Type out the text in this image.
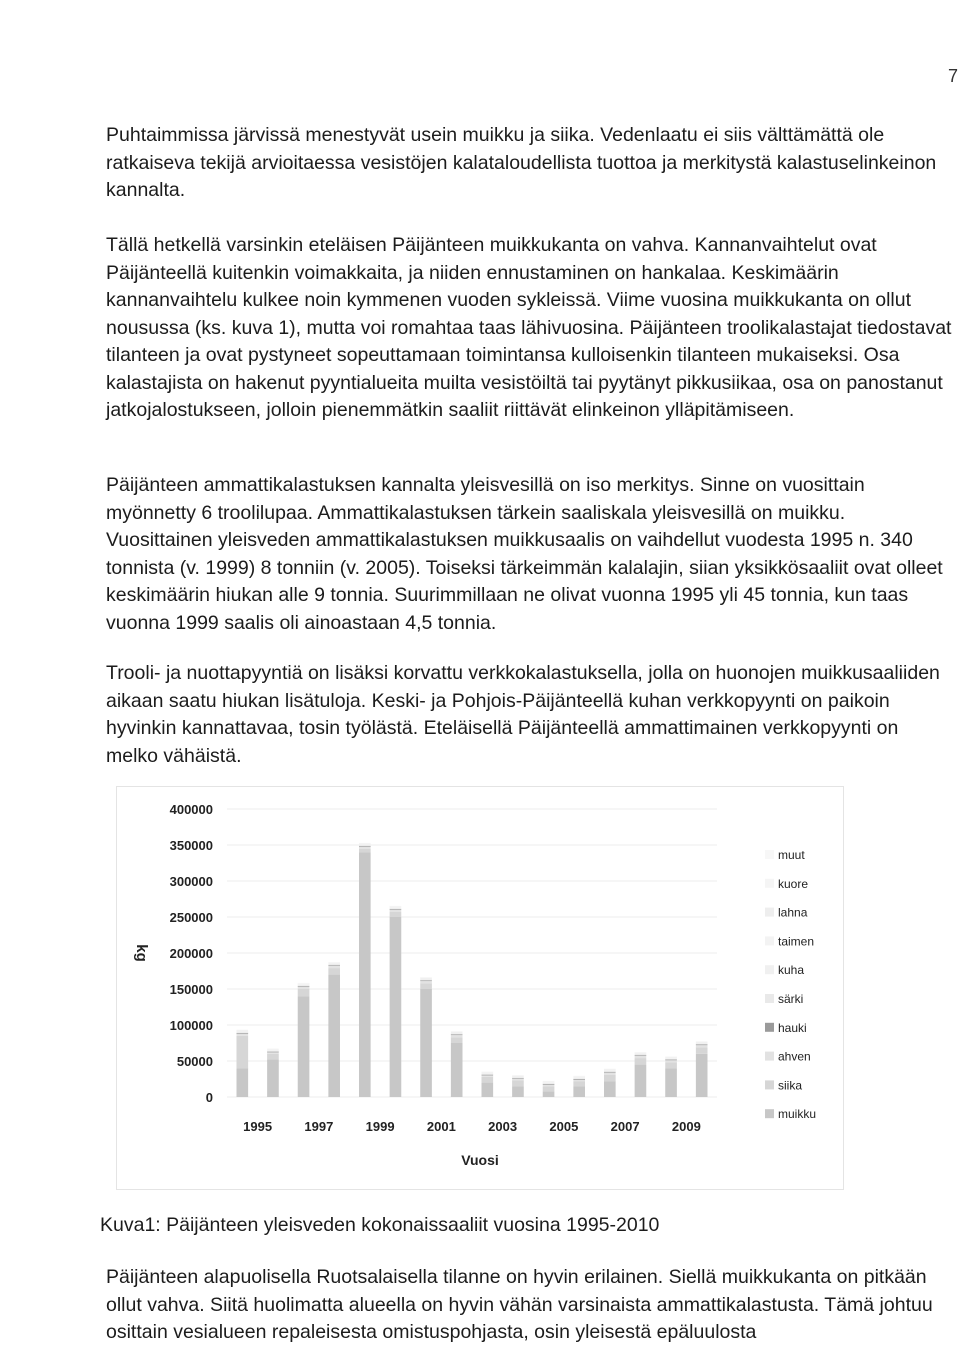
7

Puhtaimmissa järvissä menestyvät usein muikku ja siika. Vedenlaatu ei siis välttämättä ole ratkaiseva tekijä arvioitaessa vesistöjen kalataloudellista tuottoa ja merkitystä kalastuselinkeinon kannalta.

Tällä hetkellä varsinkin eteläisen Päijänteen muikkukanta on vahva. Kannanvaihtelut ovat Päijänteellä kuitenkin voimakkaita, ja niiden ennustaminen on hankalaa. Keskimäärin kannanvaihtelu kulkee noin kymmenen vuoden sykleissä. Viime vuosina muikkukanta on ollut nousussa (ks. kuva 1), mutta voi romahtaa taas lähivuosina. Päijänteen troolikalastajat tiedostavat tilanteen ja ovat pystyneet sopeuttamaan toimintansa kulloisenkin tilanteen mukaiseksi. Osa kalastajista on hakenut pyyntialueita muilta vesistöiltä tai pyytänyt pikkusiikaa, osa on panostanut jatkojalostukseen, jolloin pienemmätkin saaliit riittävät elinkeinon ylläpitämiseen.

Päijänteen ammattikalastuksen kannalta yleisvesillä on iso merkitys. Sinne on vuosittain myönnetty 6 troolilupaa. Ammattikalastuksen tärkein saaliskala yleisvesillä on muikku. Vuosittainen yleisveden ammattikalastuksen muikkusaalis on vaihdellut vuodesta 1995 n. 340 tonnista (v. 1999) 8 tonniin (v. 2005). Toiseksi tärkeimmän kalalajin, siian yksikkösaaliit ovat olleet keskimäärin hiukan alle 9 tonnia. Suurimmillaan ne olivat vuonna 1995 yli 45 tonnia, kun taas vuonna 1999 saalis oli ainoastaan 4,5 tonnia.

Trooli- ja nuottapyyntiä on lisäksi korvattu verkkokalastuksella, jolla on huonojen muikkusaaliiden aikaan saatu hiukan lisätuloja. Keski- ja Pohjois-Päijänteellä kuhan verkkopyynti on paikoin hyvinkin kannattavaa, tosin työlästä. Eteläisellä Päijänteellä ammattimainen verkkopyynti on melko vähäistä.

400000
350000
300000
250000
200000
150000
100000
50000
0
kg
1995 1997 1999 2001 2003 2005 2007 2009
Vuosi
muut
kuore
lahna
taimen
kuha
särki
hauki
ahven
siika
muikku

Kuva1: Päijänteen yleisveden kokonaissaaliit vuosina 1995-2010

Päijänteen alapuolisella Ruotsalaisella tilanne on hyvin erilainen. Siellä muikkukanta on pitkään ollut vahva. Siitä huolimatta alueella on hyvin vähän varsinaista ammattikalastusta. Tämä johtuu osittain vesialueen repaleisesta omistuspohjasta, osin yleisestä epäluulosta
